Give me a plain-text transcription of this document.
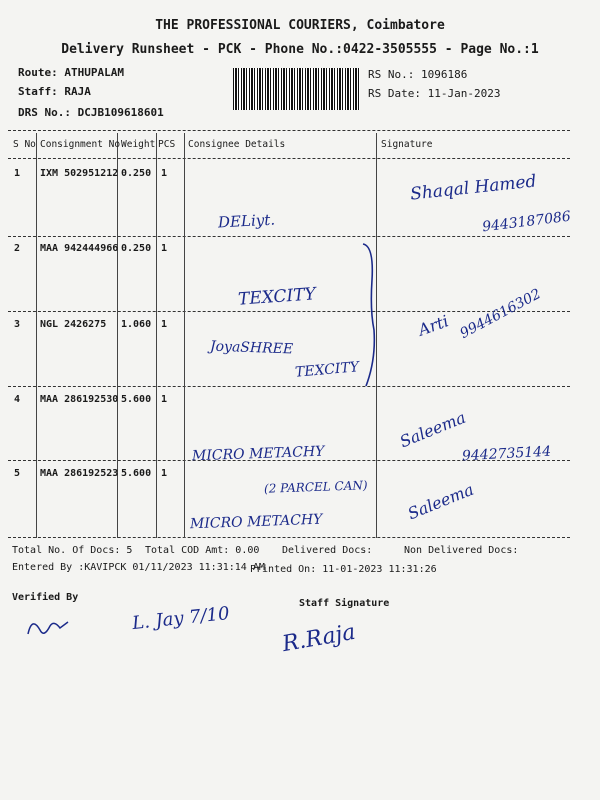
THE PROFESSIONAL COURIERS, Coimbatore
Delivery Runsheet - PCK - Phone No.:0422-3505555 - Page No.:1
Route: ATHUPALAM
Staff: RAJA
DRS No.: DCJB109618601
RS No.: 1096186
RS Date: 11-Jan-2023
S No Consignment No Weight PCS Consignee Details	Signature
1 IXM 502951212 0.250 1
2 MAA 942444966 0.250 1
3 NGL 2426275 1.060 1
4 MAA 286192530 5.600 1
5 MAA 286192523 5.600 1
DELiyt.
TEXCITY
JoyaSHREE
TEXCITY
MICRO METACHY
(2 PARCEL CAN)
MICRO METACHY
Shaqal Hamed
9443187086
Arti 9944616302
Saleema
9442735144
Saleema
Total No. Of Docs: 5 Total COD Amt: 0.00 Delivered Docs:	Non Delivered Docs:
Entered By :KAVIPCK 01/11/2023 11:31:14 AM
Printed On: 11-01-2023 11:31:26
Verified By
Staff Signature
L. Jay 7/10
R.Raja
